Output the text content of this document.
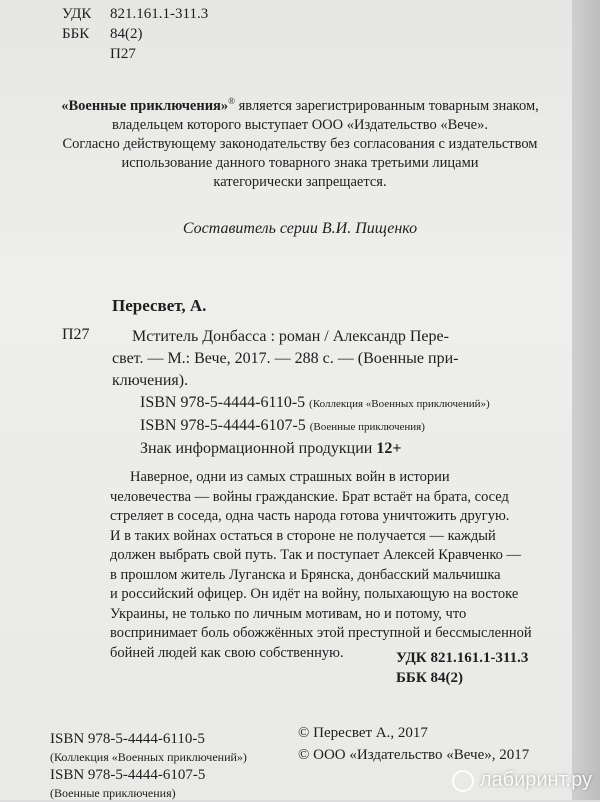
⠀
УДК 821.161.1-311.3
ББК 84(2)
П27
«Военные приключения»® является зарегистрированным товарным знаком,
владельцем которого выступает ООО «Издательство «Вече».
Согласно действующему законодательству без согласования с издательством
использование данного товарного знака третьими лицами
категорически запрещается.
Составитель серии В.И. Пищенко
Пересвет, А.
П27	Мститель Донбасса : роман / Александр Пере-
свет. — М.: Вече, 2017. — 288 с. — (Военные при-
ключения).
ISBN 978-5-4444-6110-5 (Коллекция «Военных приключений»)
ISBN 978-5-4444-6107-5 (Военные приключения)
Знак информационной продукции 12+
Наверное, одни из самых страшных войн в истории
человечества — войны гражданские. Брат встаёт на брата, сосед
стреляет в соседа, одна часть народа готова уничтожить другую.
И в таких войнах остаться в стороне не получается — каждый
должен выбрать свой путь. Так и поступает Алексей Кравченко —
в прошлом житель Луганска и Брянска, донбасский мальчишка
и российский офицер. Он идёт на войну, полыхающую на востоке
Украины, не только по личным мотивам, но и потому, что
воспринимает боль обожжённых этой преступной и бессмысленной
бойней людей как свою собственную.	УДК 821.161.1-311.3
ББК 84(2)
ISBN 978-5-4444-6110-5
(Коллекция «Военных приключений»)
ISBN 978-5-4444-6107-5
(Военные приключения)
© Пересвет А., 2017
© ООО «Издательство «Вече», 2017
лабиринт.ру
